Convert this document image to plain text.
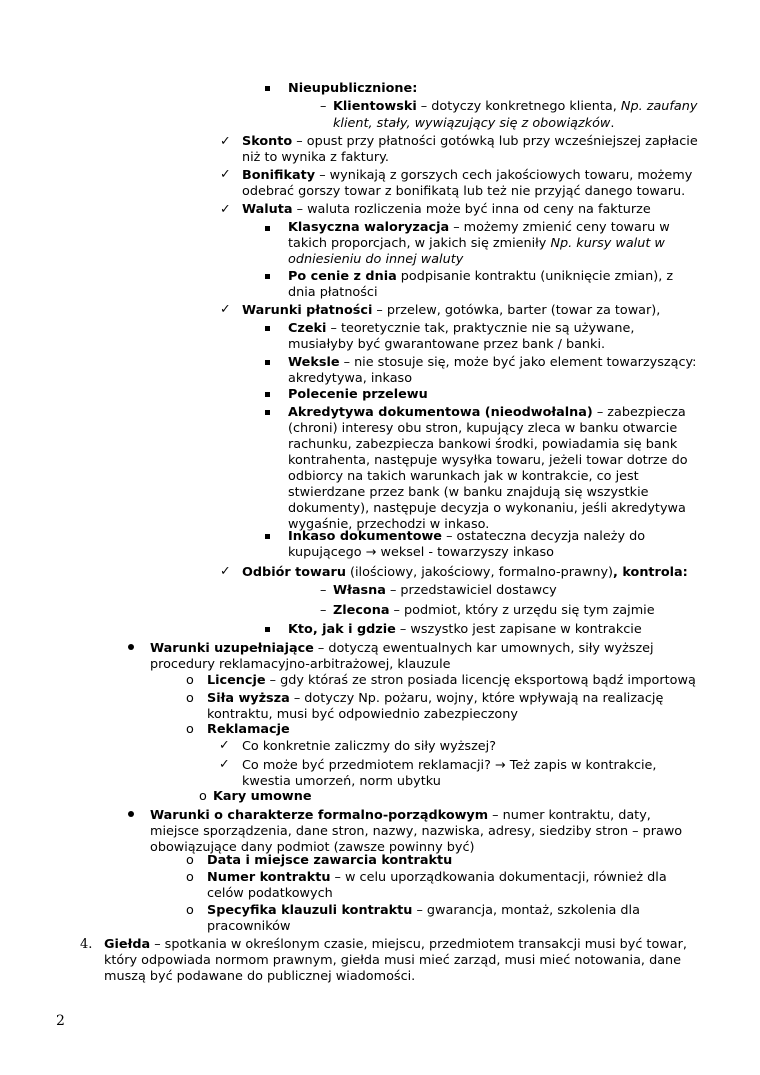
Nieupublicznione:
– Klientowski – dotyczy konkretnego klienta, Np. zaufany
klient, stały, wywiązujący się z obowiązków.
✓ Skonto – opust przy płatności gotówką lub przy wcześniejszej zapłacie
niż to wynika z faktury.
✓ Bonifikaty – wynikają z gorszych cech jakościowych towaru, możemy
odebrać gorszy towar z bonifikatą lub też nie przyjąć danego towaru.
✓ Waluta – waluta rozliczenia może być inna od ceny na fakturze
Klasyczna waloryzacja – możemy zmienić ceny towaru w
takich proporcjach, w jakich się zmieniły Np. kursy walut w
odniesieniu do innej waluty
Po cenie z dnia podpisanie kontraktu (uniknięcie zmian), z
dnia płatności
✓ Warunki płatności – przelew, gotówka, barter (towar za towar),
Czeki – teoretycznie tak, praktycznie nie są używane,
musiałyby być gwarantowane przez bank / banki.
Weksle – nie stosuje się, może być jako element towarzyszący:
akredytywa, inkaso
Polecenie przelewu
Akredytywa dokumentowa (nieodwołalna) – zabezpiecza
(chroni) interesy obu stron, kupujący zleca w banku otwarcie
rachunku, zabezpiecza bankowi środki, powiadamia się bank
kontrahenta, następuje wysyłka towaru, jeżeli towar dotrze do
odbiorcy na takich warunkach jak w kontrakcie, co jest
stwierdzane przez bank (w banku znajdują się wszystkie
dokumenty), następuje decyzja o wykonaniu, jeśli akredytywa
wygaśnie, przechodzi w inkaso.
Inkaso dokumentowe – ostateczna decyzja należy do
kupującego → weksel - towarzyszy inkaso
✓ Odbiór towaru (ilościowy, jakościowy, formalno-prawny), kontrola:
– Własna – przedstawiciel dostawcy
– Zlecona – podmiot, który z urzędu się tym zajmie
Kto, jak i gdzie – wszystko jest zapisane w kontrakcie
Warunki uzupełniające – dotyczą ewentualnych kar umownych, siły wyższej
procedury reklamacyjno-arbitrażowej, klauzule
o Licencje – gdy któraś ze stron posiada licencję eksportową bądź importową
o Siła wyższa – dotyczy Np. pożaru, wojny, które wpływają na realizację
kontraktu, musi być odpowiednio zabezpieczony
o Reklamacje
✓ Co konkretnie zaliczmy do siły wyższej?
✓ Co może być przedmiotem reklamacji? → Też zapis w kontrakcie,
kwestia umorzeń, norm ubytku
o Kary umowne
Warunki o charakterze formalno-porządkowym – numer kontraktu, daty,
miejsce sporządzenia, dane stron, nazwy, nazwiska, adresy, siedziby stron – prawo
obowiązujące dany podmiot (zawsze powinny być)
o Data i miejsce zawarcia kontraktu
o Numer kontraktu – w celu uporządkowania dokumentacji, również dla
celów podatkowych
o Specyfika klauzuli kontraktu – gwarancja, montaż, szkolenia dla
pracowników
4. Giełda – spotkania w określonym czasie, miejscu, przedmiotem transakcji musi być towar,
który odpowiada normom prawnym, giełda musi mieć zarząd, musi mieć notowania, dane
muszą być podawane do publicznej wiadomości.
2
